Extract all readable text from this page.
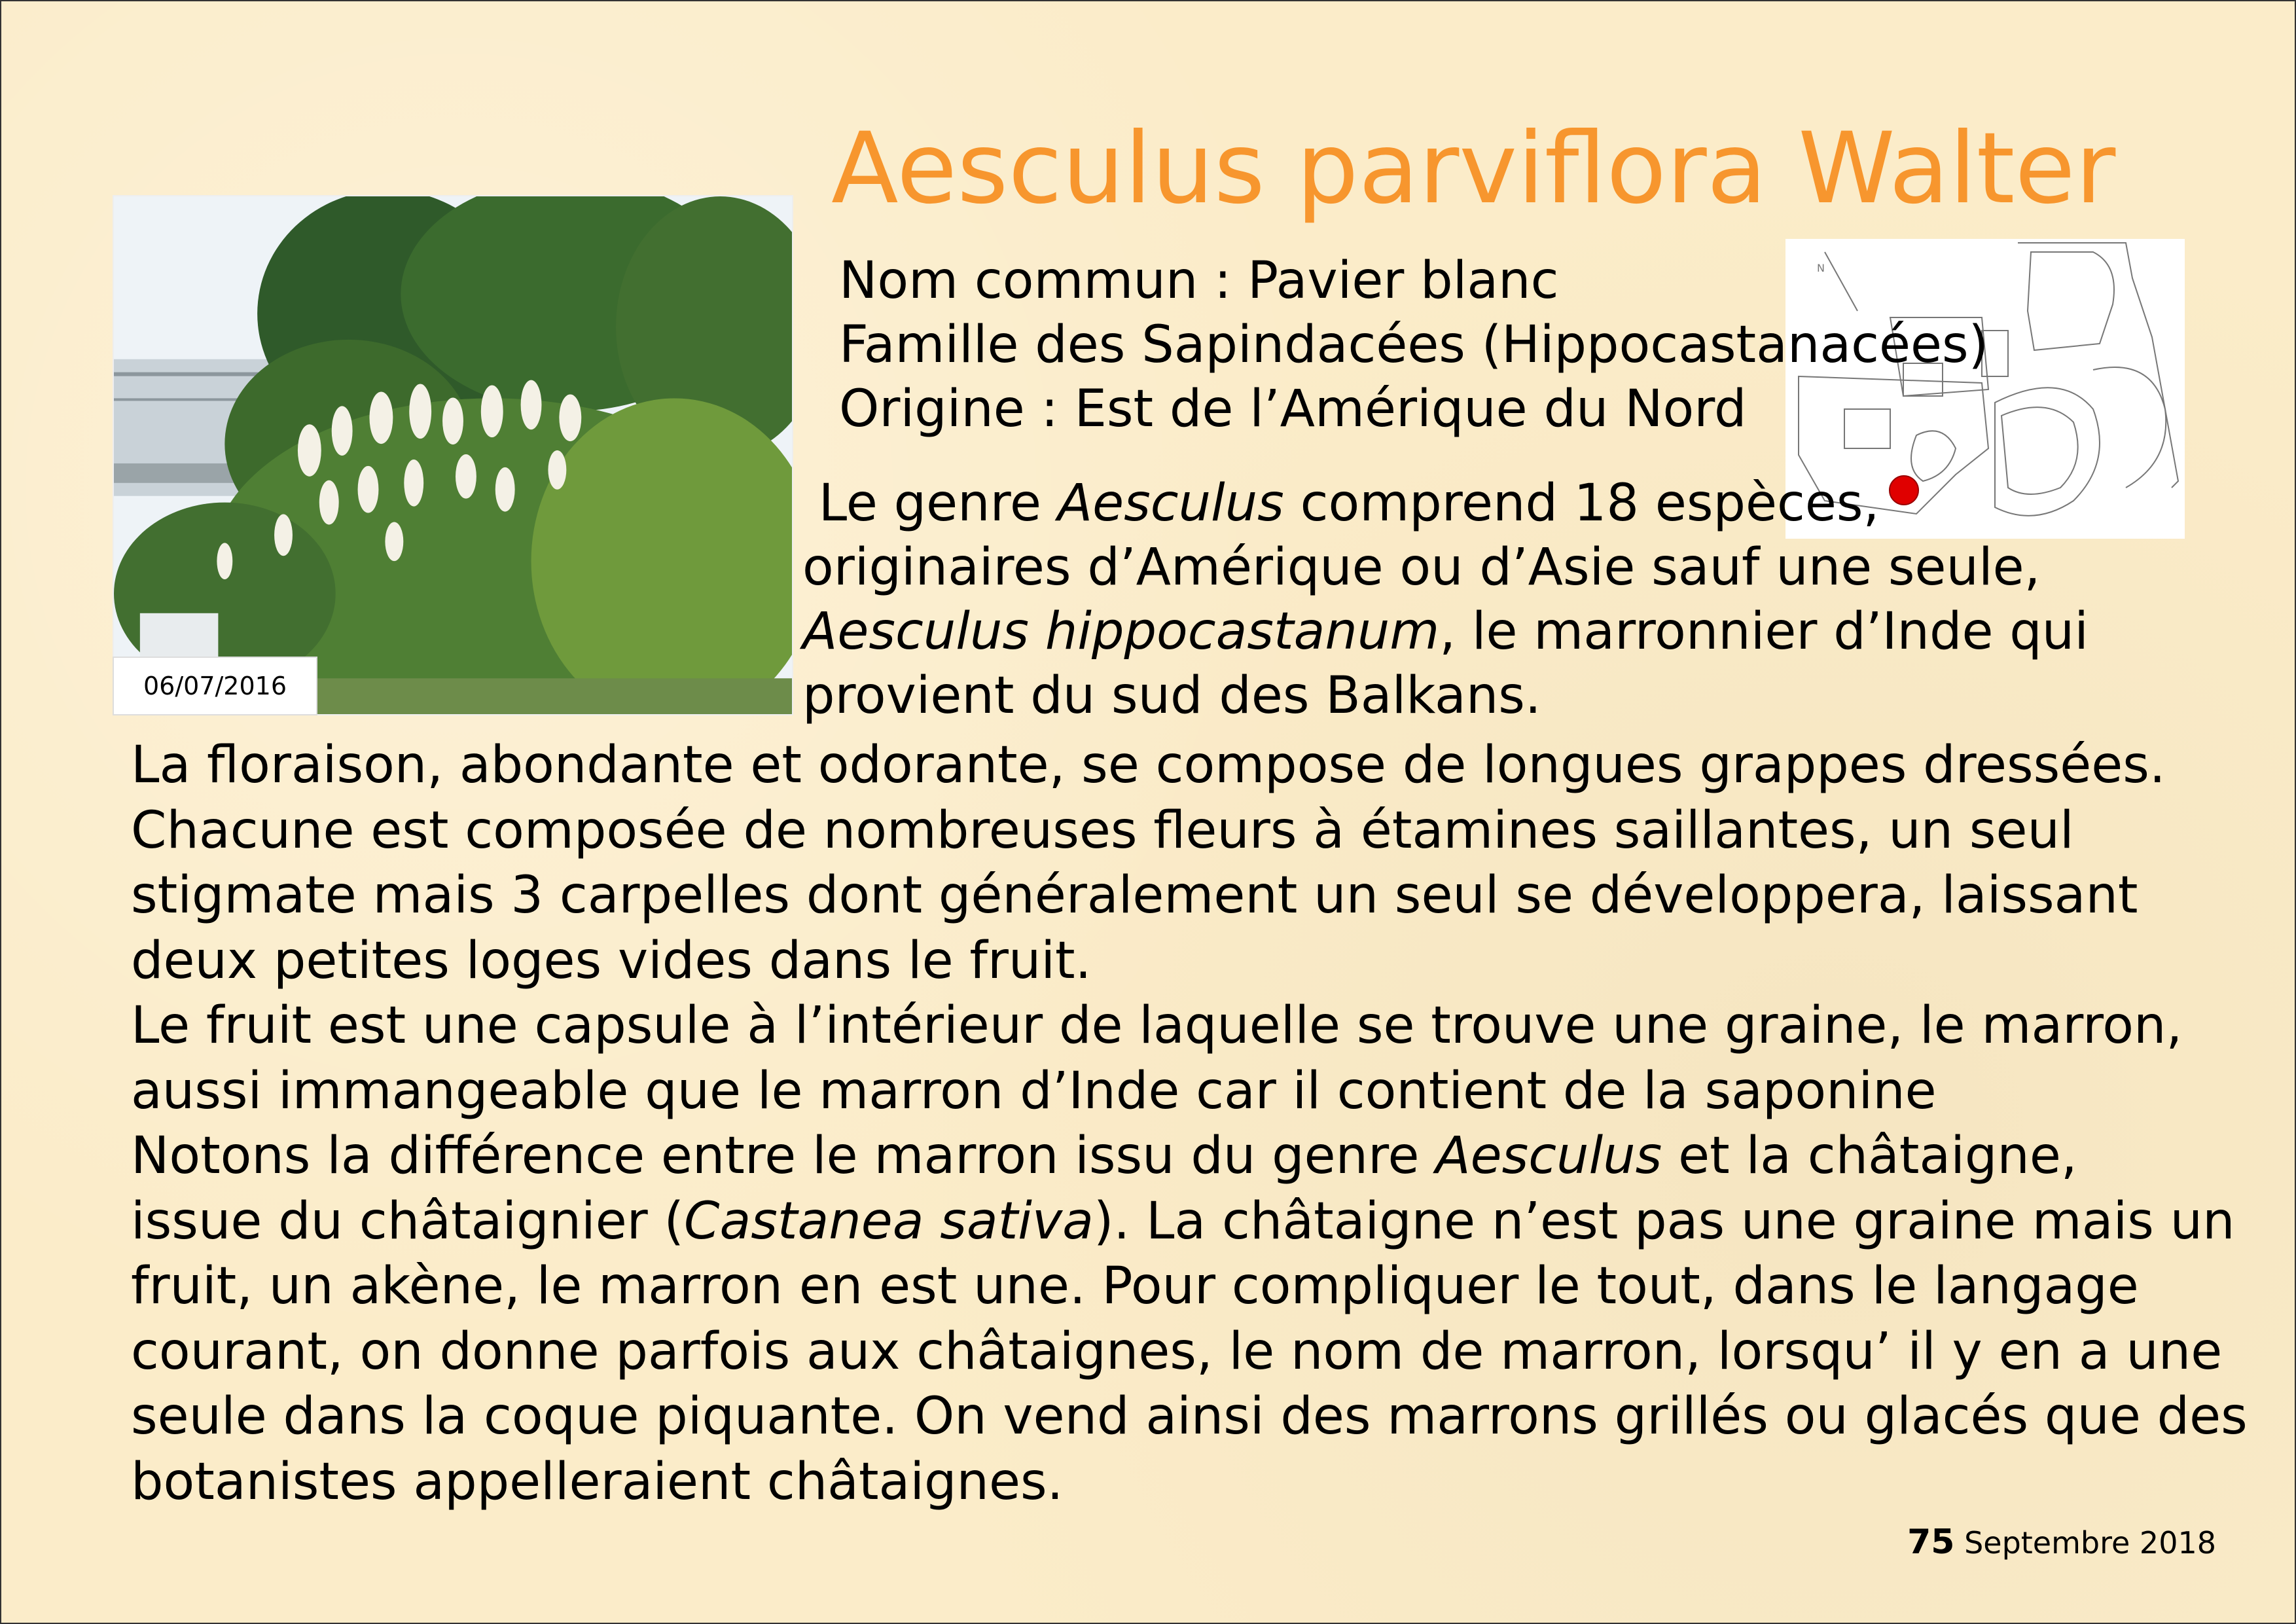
Aesculus parviflora Walter
06/07/2016
N
Nom commun : Pavier blanc
Famille des Sapindacées (Hippocastanacées)
Origine : Est de l’Amérique du Nord
Le genre Aesculus comprend 18 espèces,
originaires d’Amérique ou d’Asie sauf une seule,
Aesculus hippocastanum, le marronnier d’Inde qui
provient du sud des Balkans.
La floraison, abondante et odorante, se compose de longues grappes dressées.
Chacune est composée de nombreuses fleurs à étamines saillantes, un seul
stigmate mais 3 carpelles dont généralement un seul se développera, laissant
deux petites loges vides dans le fruit.
Le fruit est une capsule à l’intérieur de laquelle se trouve une graine, le marron,
aussi immangeable que le marron d’Inde car il contient de la saponine
Notons la différence entre le marron issu du genre Aesculus et la châtaigne,
issue du châtaignier (Castanea sativa). La châtaigne n’est pas une graine mais un
fruit, un akène, le marron en est une. Pour compliquer le tout, dans le langage
courant, on donne parfois aux châtaignes, le nom de marron, lorsqu’ il y en a une
seule dans la coque piquante. On vend ainsi des marrons grillés ou glacés que des
botanistes appelleraient châtaignes.
75 Septembre 2018
